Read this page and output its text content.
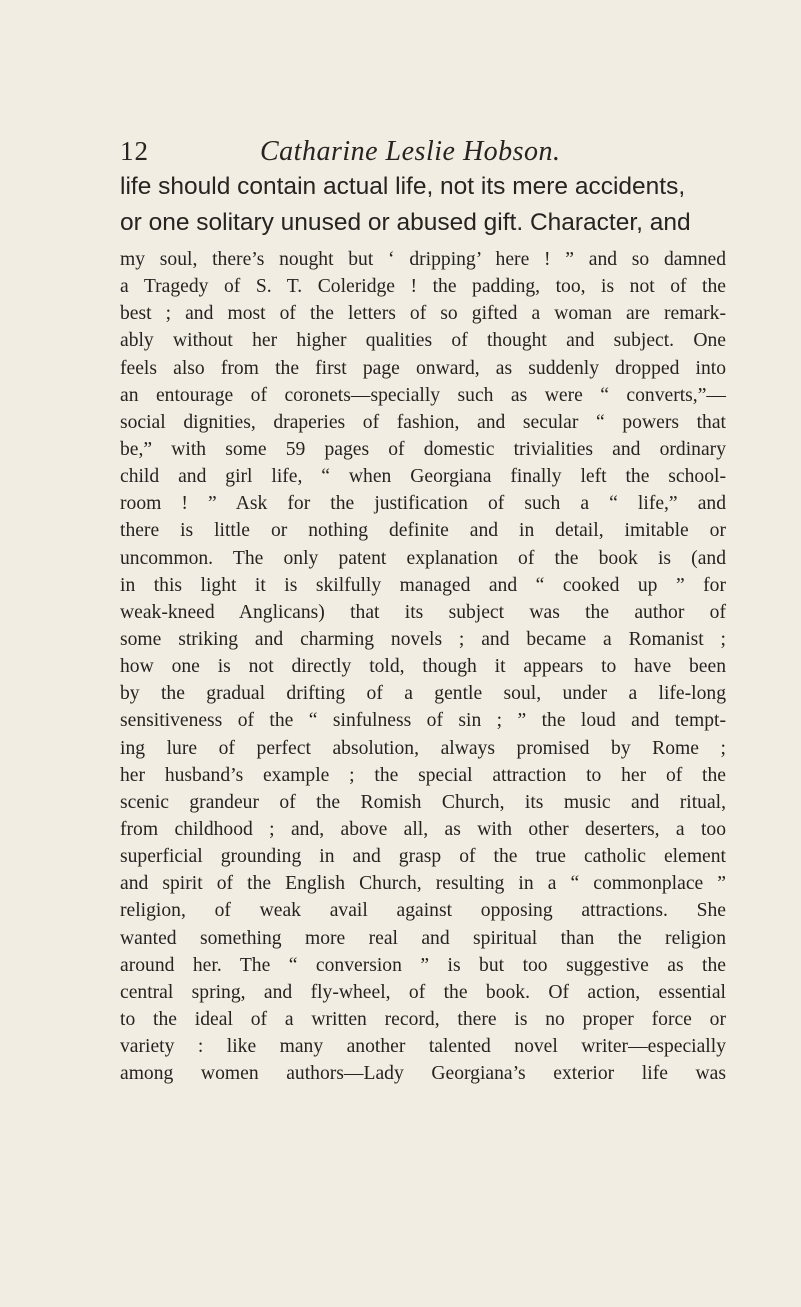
12	Catharine Leslie Hobson.
life should contain actual life, not its mere accidents,
or one solitary unused or abused gift. Character, and
my soul, there’s nought but ‘ dripping’ here ! ” and so damned
a Tragedy of S. T. Coleridge ! the padding, too, is not of the
best ; and most of the letters of so gifted a woman are remark-
ably without her higher qualities of thought and subject. One
feels also from the first page onward, as suddenly dropped into
an entourage of coronets—specially such as were “ converts,”—
social dignities, draperies of fashion, and secular “ powers that
be,” with some 59 pages of domestic trivialities and ordinary
child and girl life, “ when Georgiana finally left the school-
room ! ” Ask for the justification of such a “ life,” and
there is little or nothing definite and in detail, imitable or
uncommon. The only patent explanation of the book is (and
in this light it is skilfully managed and “ cooked up ” for
weak-kneed Anglicans) that its subject was the author of
some striking and charming novels ; and became a Romanist ;
how one is not directly told, though it appears to have been
by the gradual drifting of a gentle soul, under a life-long
sensitiveness of the “ sinfulness of sin ; ” the loud and tempt-
ing lure of perfect absolution, always promised by Rome ;
her husband’s example ; the special attraction to her of the
scenic grandeur of the Romish Church, its music and ritual,
from childhood ; and, above all, as with other deserters, a too
superficial grounding in and grasp of the true catholic element
and spirit of the English Church, resulting in a “ commonplace ”
religion, of weak avail against opposing attractions. She
wanted something more real and spiritual than the religion
around her. The “ conversion ” is but too suggestive as the
central spring, and fly-wheel, of the book. Of action, essential
to the ideal of a written record, there is no proper force or
variety : like many another talented novel writer—especially
among women authors—Lady Georgiana’s exterior life was
